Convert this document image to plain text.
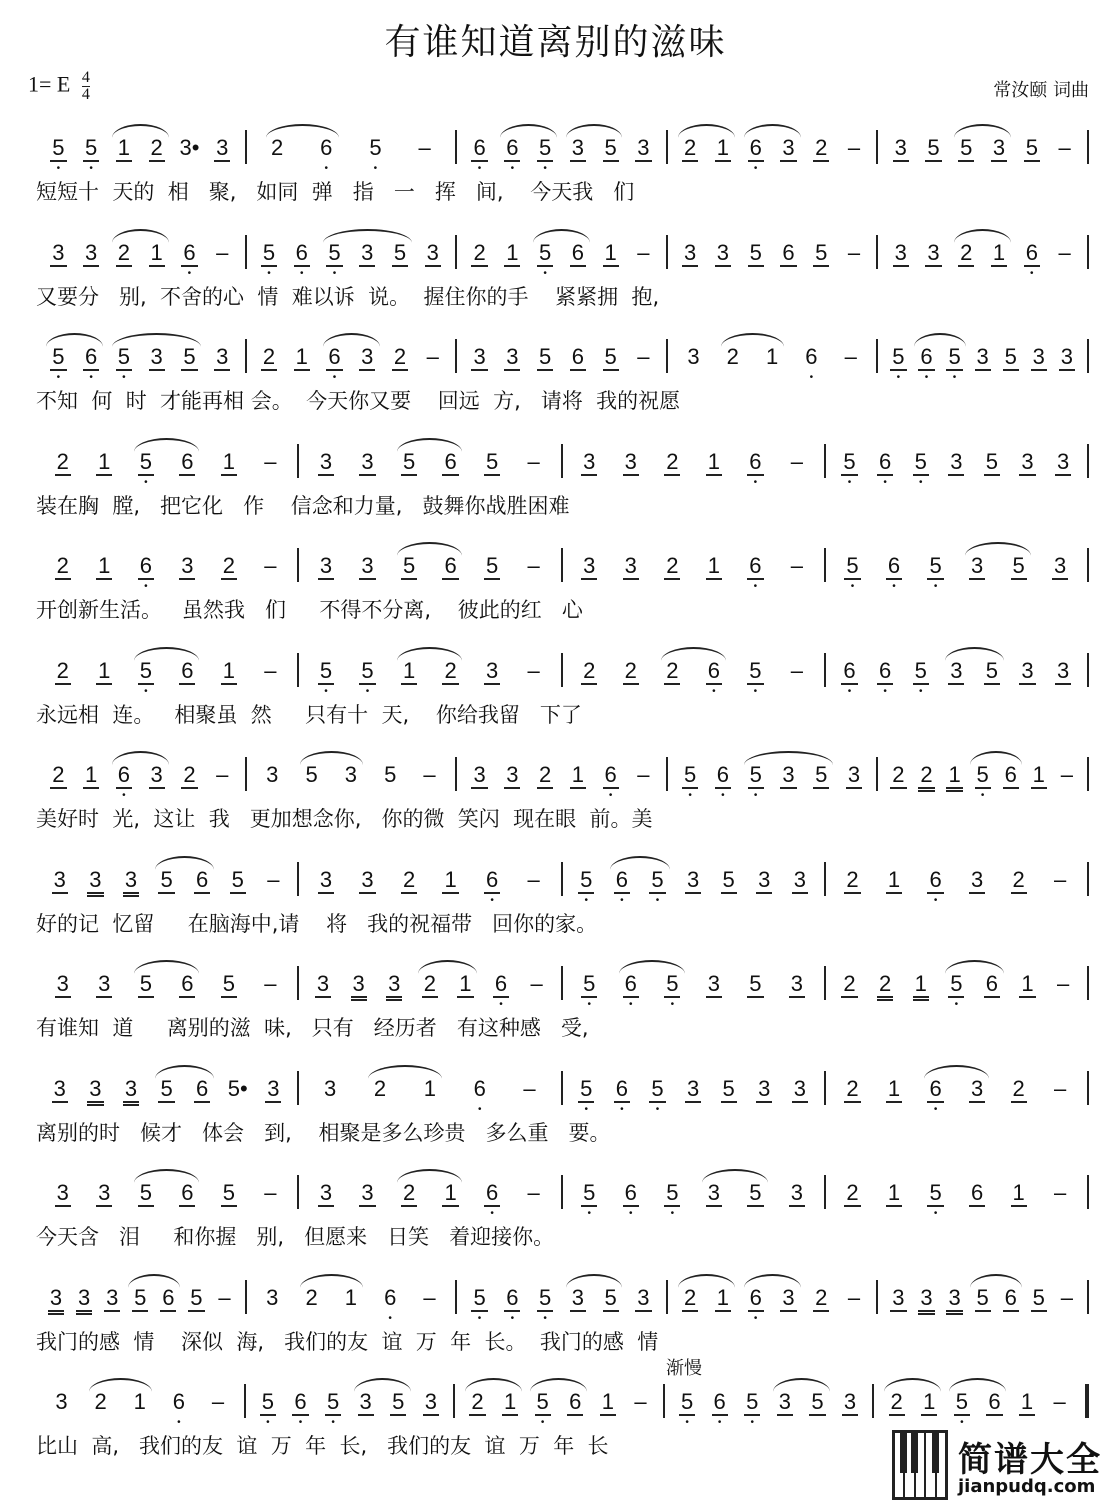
有谁知道离别的滋味
1= E $\frac{4}{4}$	常汝颐 词曲
5 • 5 • 1 2 3• 3 2 6 • 5 • – 6 • 6 • 5 • 3 5 3 2 1 6 • 3 2 – 3 5 5 3 5 –
短短十  天的  相   聚,   如同  弹   指   一   挥   间,    今天我   们
3 3 2 1 6 • – 5 • 6 • 5 • 3 5 3 2 1 5 • 6 1 – 3 3 5 6 5 – 3 3 2 1 6 • –
又要分   别,  不舍的心  情  难以诉  说。  握住你的手    紧紧拥  抱,
5 • 6 • 5 • 3 5 3 2 1 6 • 3 2 – 3 3 5 6 5 – 3 2 1 6 • – 5 • 6 • 5 • 3 5 3 3
不知  何  时  才能再相 会。  今天你又要    回远  方,   请将  我的祝愿
2 1 5 • 6 1 – 3 3 5 6 5 – 3 3 2 1 6 • – 5 • 6 • 5 • 3 5 3 3
装在胸  膛,   把它化   作    信念和力量,   鼓舞你战胜困难
2 1 6 • 3 2 – 3 3 5 6 5 – 3 3 2 1 6 • – 5 • 6 • 5 • 3 5 3
开创新生活。   虽然我   们     不得不分离,    彼此的红   心
2 1 5 • 6 1 – 5 • 5 • 1 2 3 – 2 2 2 6 • 5 • – 6 • 6 • 5 • 3 5 3 3
永远相  连。   相聚虽  然     只有十  天,    你给我留   下了
2 1 6 • 3 2 – 3 5 3 5 – 3 3 2 1 6 • – 5 • 6 • 5 • 3 5 3 2 2 1 5 • 6 1 –
美好时  光,  这让  我   更加想念你,   你的微  笑闪  现在眼  前。美
3 3 3 5 6 5 – 3 3 2 1 6 • – 5 • 6 • 5 • 3 5 3 3 2 1 6 • 3 2 –
好的记  忆留     在脑海中,请    将   我的祝福带   回你的家。
3 3 5 6 5 – 3 3 3 2 1 6 • – 5 • 6 • 5 • 3 5 3 2 2 1 5 • 6 1 –
有谁知  道     离别的滋  味,   只有   经历者   有这种感   受,
3 3 3 5 6 5• 3 3 2 1 6 • – 5 • 6 • 5 • 3 5 3 3 2 1 6 • 3 2 –
离别的时   候才   体会   到,    相聚是多么珍贵   多么重   要。
3 3 5 6 5 – 3 3 2 1 6 • – 5 • 6 • 5 • 3 5 3 2 1 5 • 6 1 –
今天含   泪     和你握   别,   但愿来   日笑   着迎接你。
3 3 3 5 6 5 – 3 2 1 6 • – 5 • 6 • 5 • 3 5 3 2 1 6 • 3 2 – 3 3 3 5 6 5 –
我门的感  情    深似  海,   我们的友  谊  万  年  长。  我门的感  情
3 2 1 6 • – 5 • 6 • 5 • 3 5 3 2 1 5 • 6 1 – 5 • 6 • 5 • 3 5 3 2 1 5 • 6 1 –
比山  高,   我们的友  谊  万  年  长,   我们的友  谊  万  年  长
渐慢
简谱大全
jianpudq.com
